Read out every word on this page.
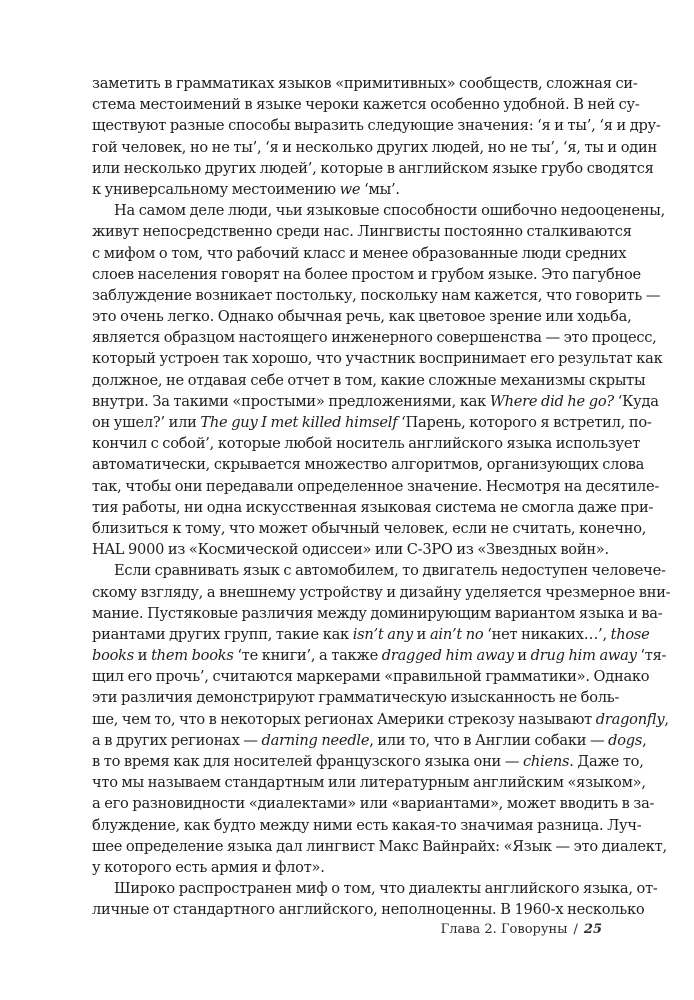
заметить в грамматиках языков «примитивных» сообществ, сложная си-
стема местоимений в языке чероки кажется особенно удобной. В ней су-
ществуют разные способы выразить следующие значения: ‘я и ты’, ‘я и дру-
гой человек, но не ты’, ‘я и несколько других людей, но не ты’, ‘я, ты и один
или несколько других людей’, которые в английском языке грубо сводятся
к универсальному местоимению we ‘мы’.
На самом деле люди, чьи языковые способности ошибочно недооценены,
живут непосредственно среди нас. Лингвисты постоянно сталкиваются
с мифом о том, что рабочий класс и менее образованные люди средних
слоев населения говорят на более простом и грубом языке. Это пагубное
заблуждение возникает постольку, поскольку нам кажется, что говорить —
это очень легко. Однако обычная речь, как цветовое зрение или ходьба,
является образцом настоящего инженерного совершенства — это процесс,
который устроен так хорошо, что участник воспринимает его результат как
должное, не отдавая себе отчет в том, какие сложные механизмы скрыты
внутри. За такими «простыми» предложениями, как Where did he go? ‘Куда
он ушел?’ или The guy I met killed himself ‘Парень, которого я встретил, по-
кончил с собой’, которые любой носитель английского языка использует
автоматически, скрывается множество алгоритмов, организующих слова
так, чтобы они передавали определенное значение. Несмотря на десятиле-
тия работы, ни одна искусственная языковая система не смогла даже при-
близиться к тому, что может обычный человек, если не считать, конечно,
HAL 9000 из «Космической одиссеи» или C-3PO из «Звездных войн».
Если сравнивать язык с автомобилем, то двигатель недоступен человече-
скому взгляду, а внешнему устройству и дизайну уделяется чрезмерное вни-
мание. Пустяковые различия между доминирующим вариантом языка и ва-
риантами других групп, такие как isn’t any и ain’t no ‘нет никаких…’, those
books и them books ‘те книги’, а также dragged him away и drug him away ‘тя-
щил его прочь’, считаются маркерами «правильной грамматики». Однако
эти различия демонстрируют грамматическую изысканность не боль-
ше, чем то, что в некоторых регионах Америки стрекозу называют dragonfly,
а в других регионах — darning needle, или то, что в Англии собаки — dogs,
в то время как для носителей французского языка они — chiens. Даже то,
что мы называем стандартным или литературным английским «языком»,
а его разновидности «диалектами» или «вариантами», может вводить в за-
блуждение, как будто между ними есть какая-то значимая разница. Луч-
шее определение языка дал лингвист Макс Вайнрайх: «Язык — это диалект,
у которого есть армия и флот».
Широко распространен миф о том, что диалекты английского языка, от-
личные от стандартного английского, неполноценны. В 1960-х несколько
Глава 2. Говоруны / 25
